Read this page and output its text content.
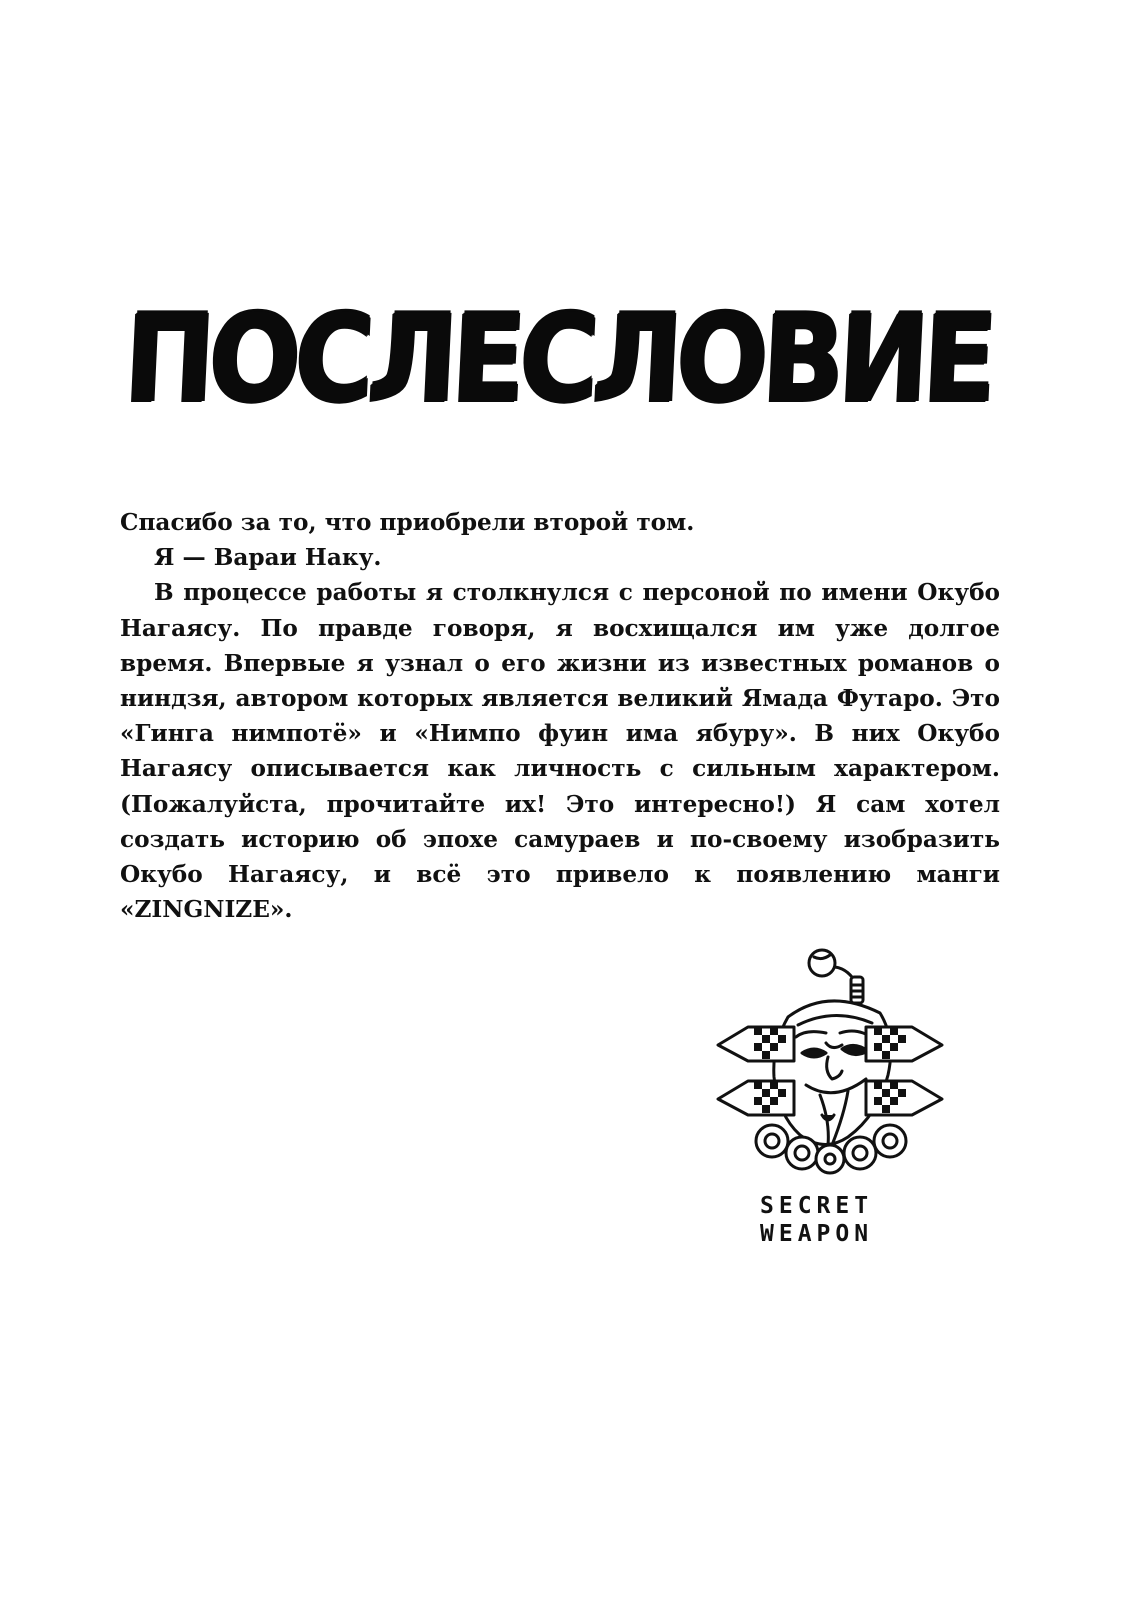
ПОСЛЕСЛОВИЕ

Спасибо за то, что приобрели второй том.

Я — Вараи Наку.

В процессе работы я столкнулся с персоной по имени Окубо Нагаясу. По правде говоря, я восхищался им уже долгое время. Впервые я узнал о его жизни из известных романов о ниндзя, автором которых является великий Ямада Футаро. Это «Гинга нимпотё» и «Нимпо фуин има ябуру». В них Окубо Нагаясу описывается как личность с сильным характером. (Пожалуйста, прочитайте их! Это интересно!) Я сам хотел создать историю об эпохе самураев и по-своему изобразить Окубо Нагаясу, и всё это привело к появлению манги «ZINGNIZE».

SECRET
WEAPON
